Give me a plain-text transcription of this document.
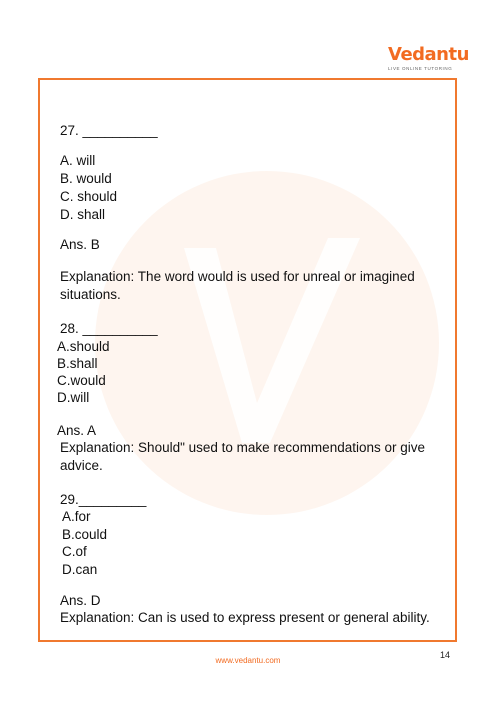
Vedantu
LIVE ONLINE TUTORING
27. __________
A. will
B. would
C. should
D. shall
Ans. B
Explanation: The word would is used for unreal or imagined
situations.
28. __________
A.should
B.shall
C.would
D.will
Ans. A
Explanation: Should" used to make recommendations or give
advice.
29._________
A.for
B.could
C.of
D.can
Ans. D
Explanation: Can is used to express present or general ability.
14
www.vedantu.com
